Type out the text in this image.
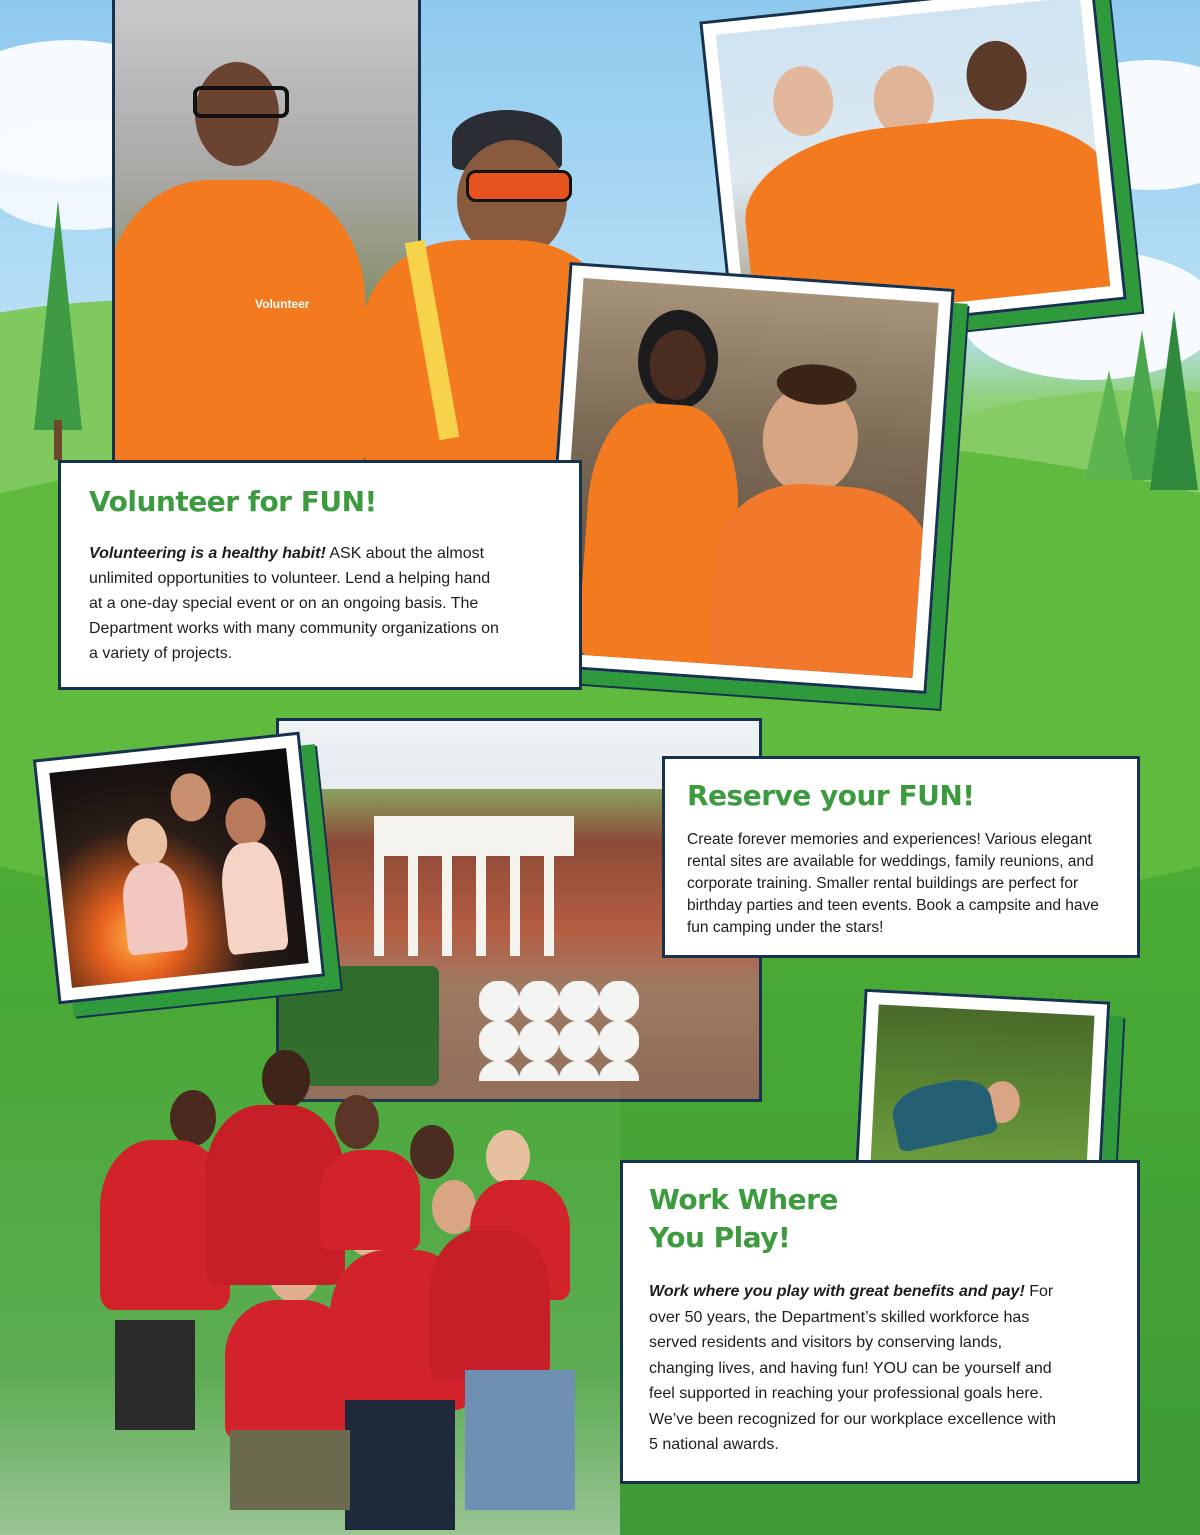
Volunteer
Volunteer for FUN!

Volunteering is a healthy habit! ASK about the almost unlimited opportunities to volunteer. Lend a helping hand at a one-day special event or on an ongoing basis. The Department works with many community organizations on a variety of projects.

Reserve your FUN!

Create forever memories and experiences! Various elegant rental sites are available for weddings, family reunions, and corporate training. Smaller rental buildings are perfect for birthday parties and teen events. Book a campsite and have fun camping under the stars!

Work Where
You Play!

Work where you play with great benefits and pay! For over 50 years, the Department’s skilled workforce has served residents and visitors by conserving lands, changing lives, and having fun! YOU can be yourself and feel supported in reaching your professional goals here. We’ve been recognized for our workplace excellence with 5 national awards.
